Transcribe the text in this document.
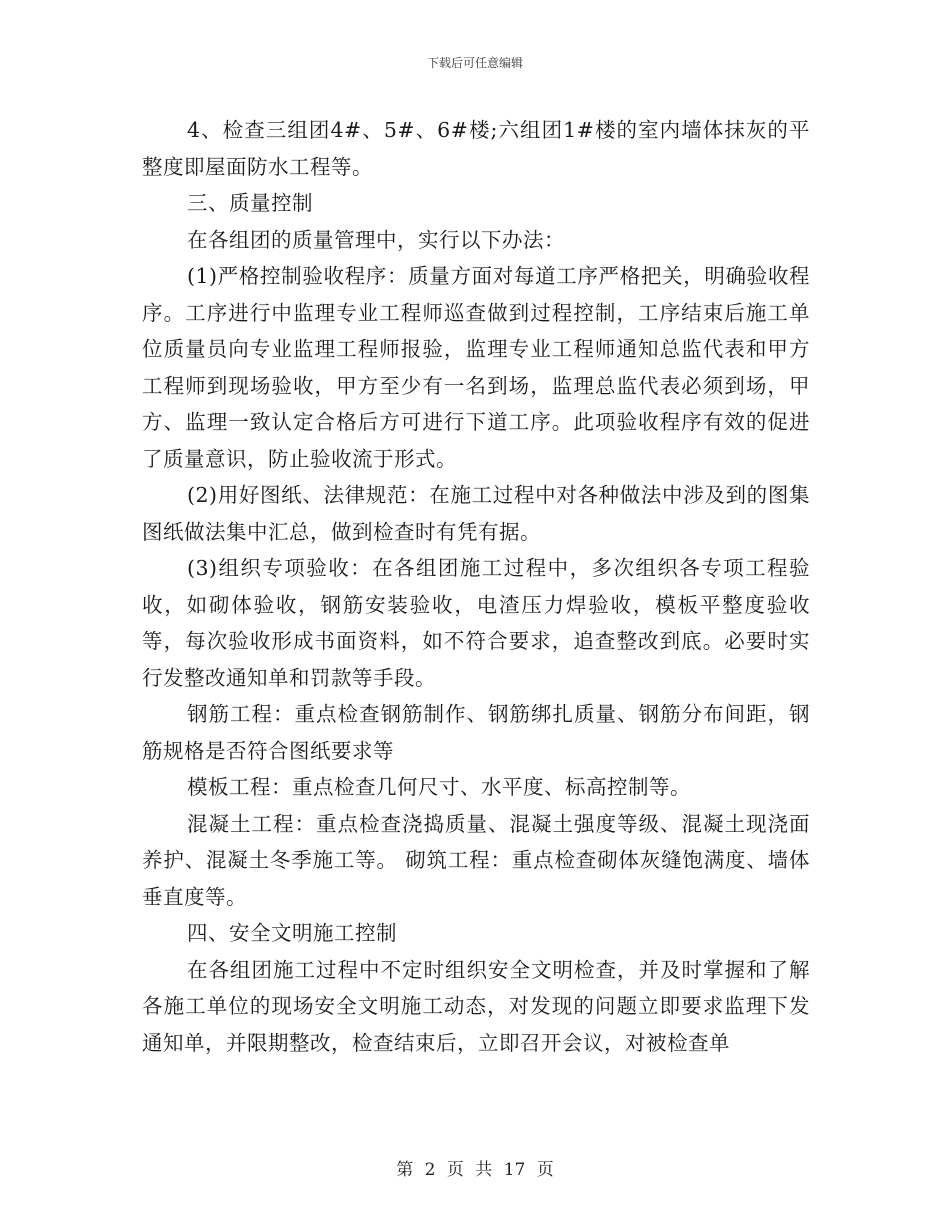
下载后可任意编辑

4、检查三组团4#、5#、6#楼;六组团1#楼的室内墙体抹灰的平整度即屋面防水工程等。

三、质量控制

在各组团的质量管理中，实行以下办法：

(1)严格控制验收程序：质量方面对每道工序严格把关，明确验收程序。工序进行中监理专业工程师巡查做到过程控制，工序结束后施工单位质量员向专业监理工程师报验，监理专业工程师通知总监代表和甲方工程师到现场验收，甲方至少有一名到场，监理总监代表必须到场，甲方、监理一致认定合格后方可进行下道工序。此项验收程序有效的促进了质量意识，防止验收流于形式。

(2)用好图纸、法律规范：在施工过程中对各种做法中涉及到的图集图纸做法集中汇总，做到检查时有凭有据。

(3)组织专项验收：在各组团施工过程中，多次组织各专项工程验收，如砌体验收，钢筋安装验收，电渣压力焊验收，模板平整度验收等，每次验收形成书面资料，如不符合要求，追查整改到底。必要时实行发整改通知单和罚款等手段。

钢筋工程：重点检查钢筋制作、钢筋绑扎质量、钢筋分布间距，钢筋规格是否符合图纸要求等

模板工程：重点检查几何尺寸、水平度、标高控制等。

混凝土工程：重点检查浇捣质量、混凝土强度等级、混凝土现浇面养护、混凝土冬季施工等。 砌筑工程：重点检查砌体灰缝饱满度、墙体垂直度等。

四、安全文明施工控制

在各组团施工过程中不定时组织安全文明检查，并及时掌握和了解各施工单位的现场安全文明施工动态，对发现的问题立即要求监理下发通知单，并限期整改，检查结束后，立即召开会议，对被检查单

第 2 页 共 17 页
